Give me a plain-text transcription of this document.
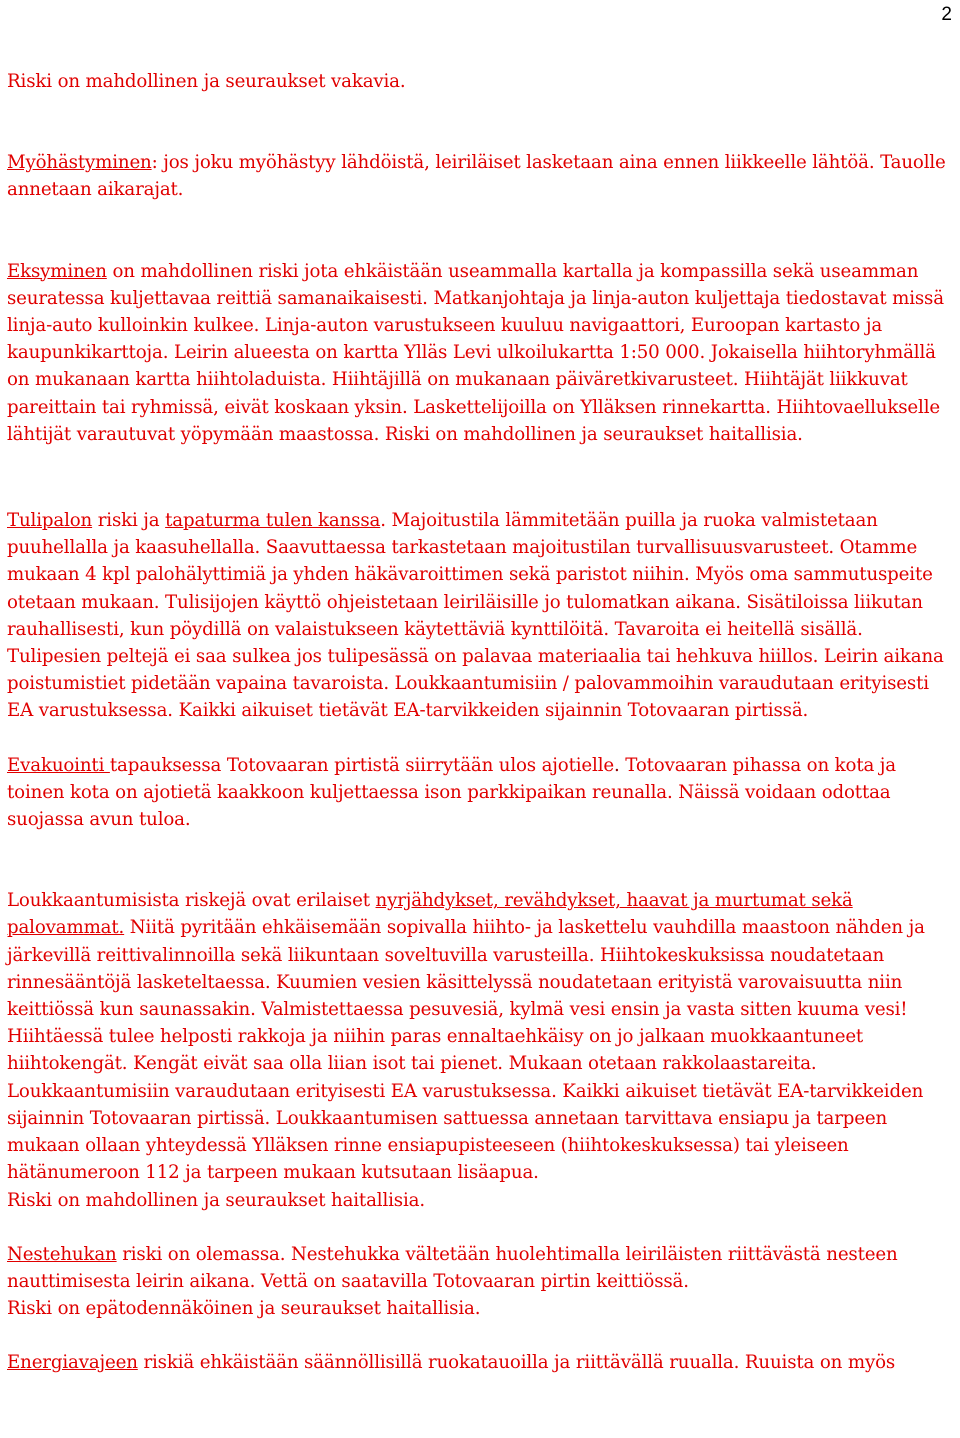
2

Riski on mahdollinen ja seuraukset vakavia.

Myöhästyminen: jos joku myöhästyy lähdöistä, leiriläiset lasketaan aina ennen liikkeelle lähtöä. Tauolle annetaan aikarajat.

Eksyminen on mahdollinen riski jota ehkäistään useammalla kartalla ja kompassilla sekä useamman seuratessa kuljettavaa reittiä samanaikaisesti. Matkanjohtaja ja linja-auton kuljettaja tiedostavat missä linja-auto kulloinkin kulkee. Linja-auton varustukseen kuuluu navigaattori, Euroopan kartasto ja kaupunkikarttoja. Leirin alueesta on kartta Ylläs Levi ulkoilukartta 1:50 000. Jokaisella hiihtoryhmällä on mukanaan kartta hiihtoladuista. Hiihtäjillä on mukanaan päiväretkivarusteet. Hiihtäjät liikkuvat pareittain tai ryhmissä, eivät koskaan yksin. Laskettelijoilla on Ylläksen rinnekartta. Hiihtovaellukselle lähtijät varautuvat yöpymään maastossa. Riski on mahdollinen ja seuraukset haitallisia.

Tulipalon riski ja tapaturma tulen kanssa. Majoitustila lämmitetään puilla ja ruoka valmistetaan puuhellalla ja kaasuhellalla. Saavuttaessa tarkastetaan majoitustilan turvallisuusvarusteet. Otamme mukaan 4 kpl palohälyttimiä ja yhden häkävaroittimen sekä paristot niihin. Myös oma sammutuspeite otetaan mukaan. Tulisijojen käyttö ohjeistetaan leiriläisille jo tulomatkan aikana. Sisätiloissa liikutan rauhallisesti, kun pöydillä on valaistukseen käytettäviä kynttilöitä. Tavaroita ei heitellä sisällä. Tulipesien peltejä ei saa sulkea jos tulipesässä on palavaa materiaalia tai hehkuva hiillos. Leirin aikana poistumistiet pidetään vapaina tavaroista. Loukkaantumisiin / palovammoihin varaudutaan erityisesti EA varustuksessa. Kaikki aikuiset tietävät EA-tarvikkeiden sijainnin Totovaaran pirtissä.

Evakuointi tapauksessa Totovaaran pirtistä siirrytään ulos ajotielle. Totovaaran pihassa on kota ja toinen kota on ajotietä kaakkoon kuljettaessa ison parkkipaikan reunalla. Näissä voidaan odottaa suojassa avun tuloa.

Loukkaantumisista riskejä ovat erilaiset nyrjähdykset, revähdykset, haavat ja murtumat sekä palovammat. Niitä pyritään ehkäisemään sopivalla hiihto- ja laskettelu vauhdilla maastoon nähden ja järkevillä reittivalinnoilla sekä liikuntaan soveltuvilla varusteilla. Hiihtokeskuksissa noudatetaan rinnesääntöjä lasketeltaessa. Kuumien vesien käsittelyssä noudatetaan erityistä varovaisuutta niin keittiössä kun saunassakin. Valmistettaessa pesuvesiä, kylmä vesi ensin ja vasta sitten kuuma vesi! Hiihtäessä tulee helposti rakkoja ja niihin paras ennaltaehkäisy on jo jalkaan muokkaantuneet hiihtokengät. Kengät eivät saa olla liian isot tai pienet. Mukaan otetaan rakkolaastareita. Loukkaantumisiin varaudutaan erityisesti EA varustuksessa. Kaikki aikuiset tietävät EA-tarvikkeiden sijainnin Totovaaran pirtissä. Loukkaantumisen sattuessa annetaan tarvittava ensiapu ja tarpeen mukaan ollaan yhteydessä Ylläksen rinne ensiapupisteeseen (hiihtokeskuksessa) tai yleiseen hätänumeroon 112 ja tarpeen mukaan kutsutaan lisäapua.
Riski on mahdollinen ja seuraukset haitallisia.

Nestehukan riski on olemassa. Nestehukka vältetään huolehtimalla leiriläisten riittävästä nesteen nauttimisesta leirin aikana. Vettä on saatavilla Totovaaran pirtin keittiössä.
Riski on epätodennäköinen ja seuraukset haitallisia.

Energiavajeen riskiä ehkäistään säännöllisillä ruokatauoilla ja riittävällä ruualla. Ruuista on myös
